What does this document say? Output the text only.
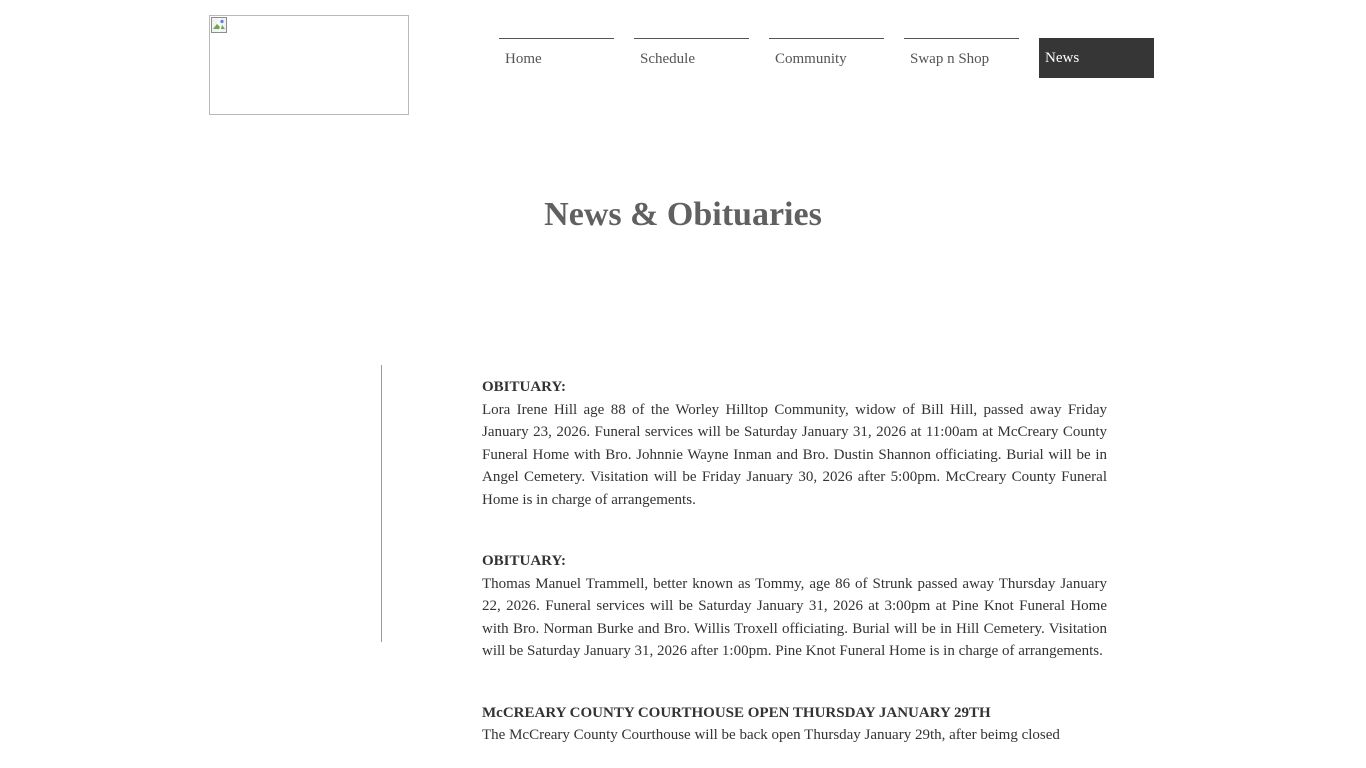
Home	Schedule	Community	Swap n Shop	News
News & Obituaries

OBITUARY:

Lora Irene Hill age 88 of the Worley Hilltop Community, widow of Bill Hill, passed away Friday January 23, 2026. Funeral services will be Saturday January 31, 2026 at 11:00am at McCreary County Funeral Home with Bro. Johnnie Wayne Inman and Bro. Dustin Shannon officiating. Burial will be in Angel Cemetery. Visitation will be Friday January 30, 2026 after 5:00pm. McCreary County Funeral Home is in charge of arrangements.

OBITUARY:

Thomas Manuel Trammell, better known as Tommy, age 86 of Strunk passed away Thursday January 22, 2026. Funeral services will be Saturday January 31, 2026 at 3:00pm at Pine Knot Funeral Home with Bro. Norman Burke and Bro. Willis Troxell officiating. Burial will be in Hill Cemetery. Visitation will be Saturday January 31, 2026 after 1:00pm. Pine Knot Funeral Home is in charge of arrangements.

McCREARY COUNTY COURTHOUSE OPEN THURSDAY JANUARY 29TH

The McCreary County Courthouse will be back open Thursday January 29th, after beimg closed
